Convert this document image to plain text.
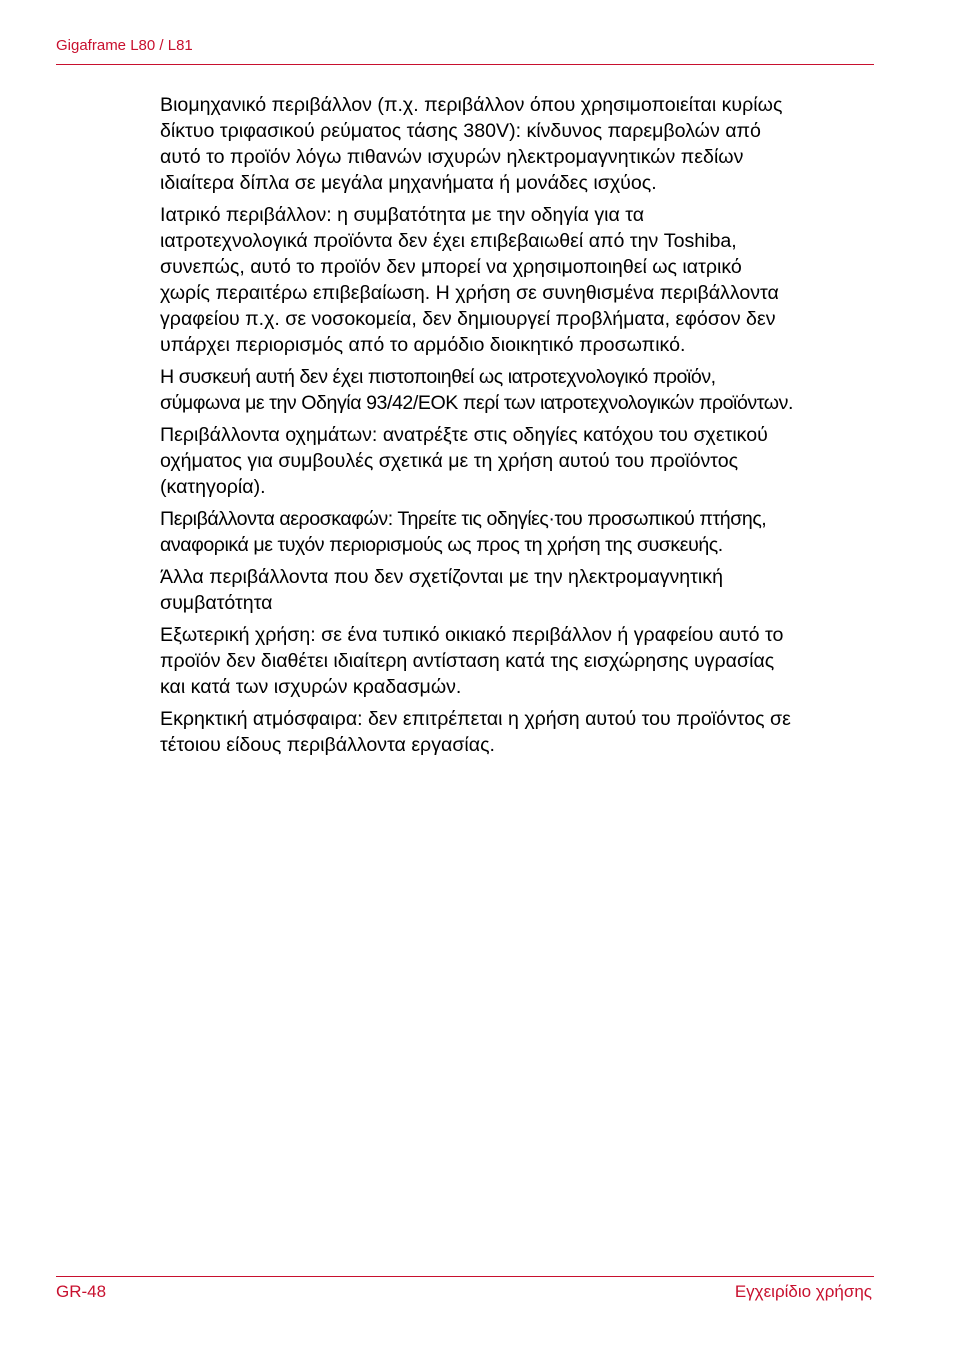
Gigaframe L80 / L81

Βιομηχανικό περιβάλλον (π.χ. περιβάλλον όπου χρησιμοποιείται κυρίως
δίκτυο τριφασικού ρεύματος τάσης 380V): κίνδυνος παρεμβολών από
αυτό το προϊόν λόγω πιθανών ισχυρών ηλεκτρομαγνητικών πεδίων
ιδιαίτερα δίπλα σε μεγάλα μηχανήματα ή μονάδες ισχύος.

Ιατρικό περιβάλλον: η συμβατότητα με την οδηγία για τα
ιατροτεχνολογικά προϊόντα δεν έχει επιβεβαιωθεί από την Toshiba,
συνεπώς, αυτό το προϊόν δεν μπορεί να χρησιμοποιηθεί ως ιατρικό
χωρίς περαιτέρω επιβεβαίωση. Η χρήση σε συνηθισμένα περιβάλλοντα
γραφείου π.χ. σε νοσοκομεία, δεν δημιουργεί προβλήματα, εφόσον δεν
υπάρχει περιορισμός από το αρμόδιο διοικητικό προσωπικό.

Η συσκευή αυτή δεν έχει πιστοποιηθεί ως ιατροτεχνολογικό προϊόν,
σύμφωνα με την Οδηγία 93/42/ΕΟΚ περί των ιατροτεχνολογικών προϊόντων.

Περιβάλλοντα οχημάτων: ανατρέξτε στις οδηγίες κατόχου του σχετικού
οχήματος για συμβουλές σχετικά με τη χρήση αυτού του προϊόντος
(κατηγορία).

Περιβάλλοντα αεροσκαφών: Τηρείτε τις οδηγίες·του προσωπικού πτήσης,
αναφορικά με τυχόν περιορισμούς ως προς τη χρήση της συσκευής.

Άλλα περιβάλλοντα που δεν σχετίζονται με την ηλεκτρομαγνητική
συμβατότητα

Εξωτερική χρήση: σε ένα τυπικό οικιακό περιβάλλον ή γραφείου αυτό το
προϊόν δεν διαθέτει ιδιαίτερη αντίσταση κατά της εισχώρησης υγρασίας
και κατά των ισχυρών κραδασμών.

Εκρηκτική ατμόσφαιρα: δεν επιτρέπεται η χρήση αυτού του προϊόντος σε
τέτοιου είδους περιβάλλοντα εργασίας.

GR-48	Εγχειρίδιο χρήσης
